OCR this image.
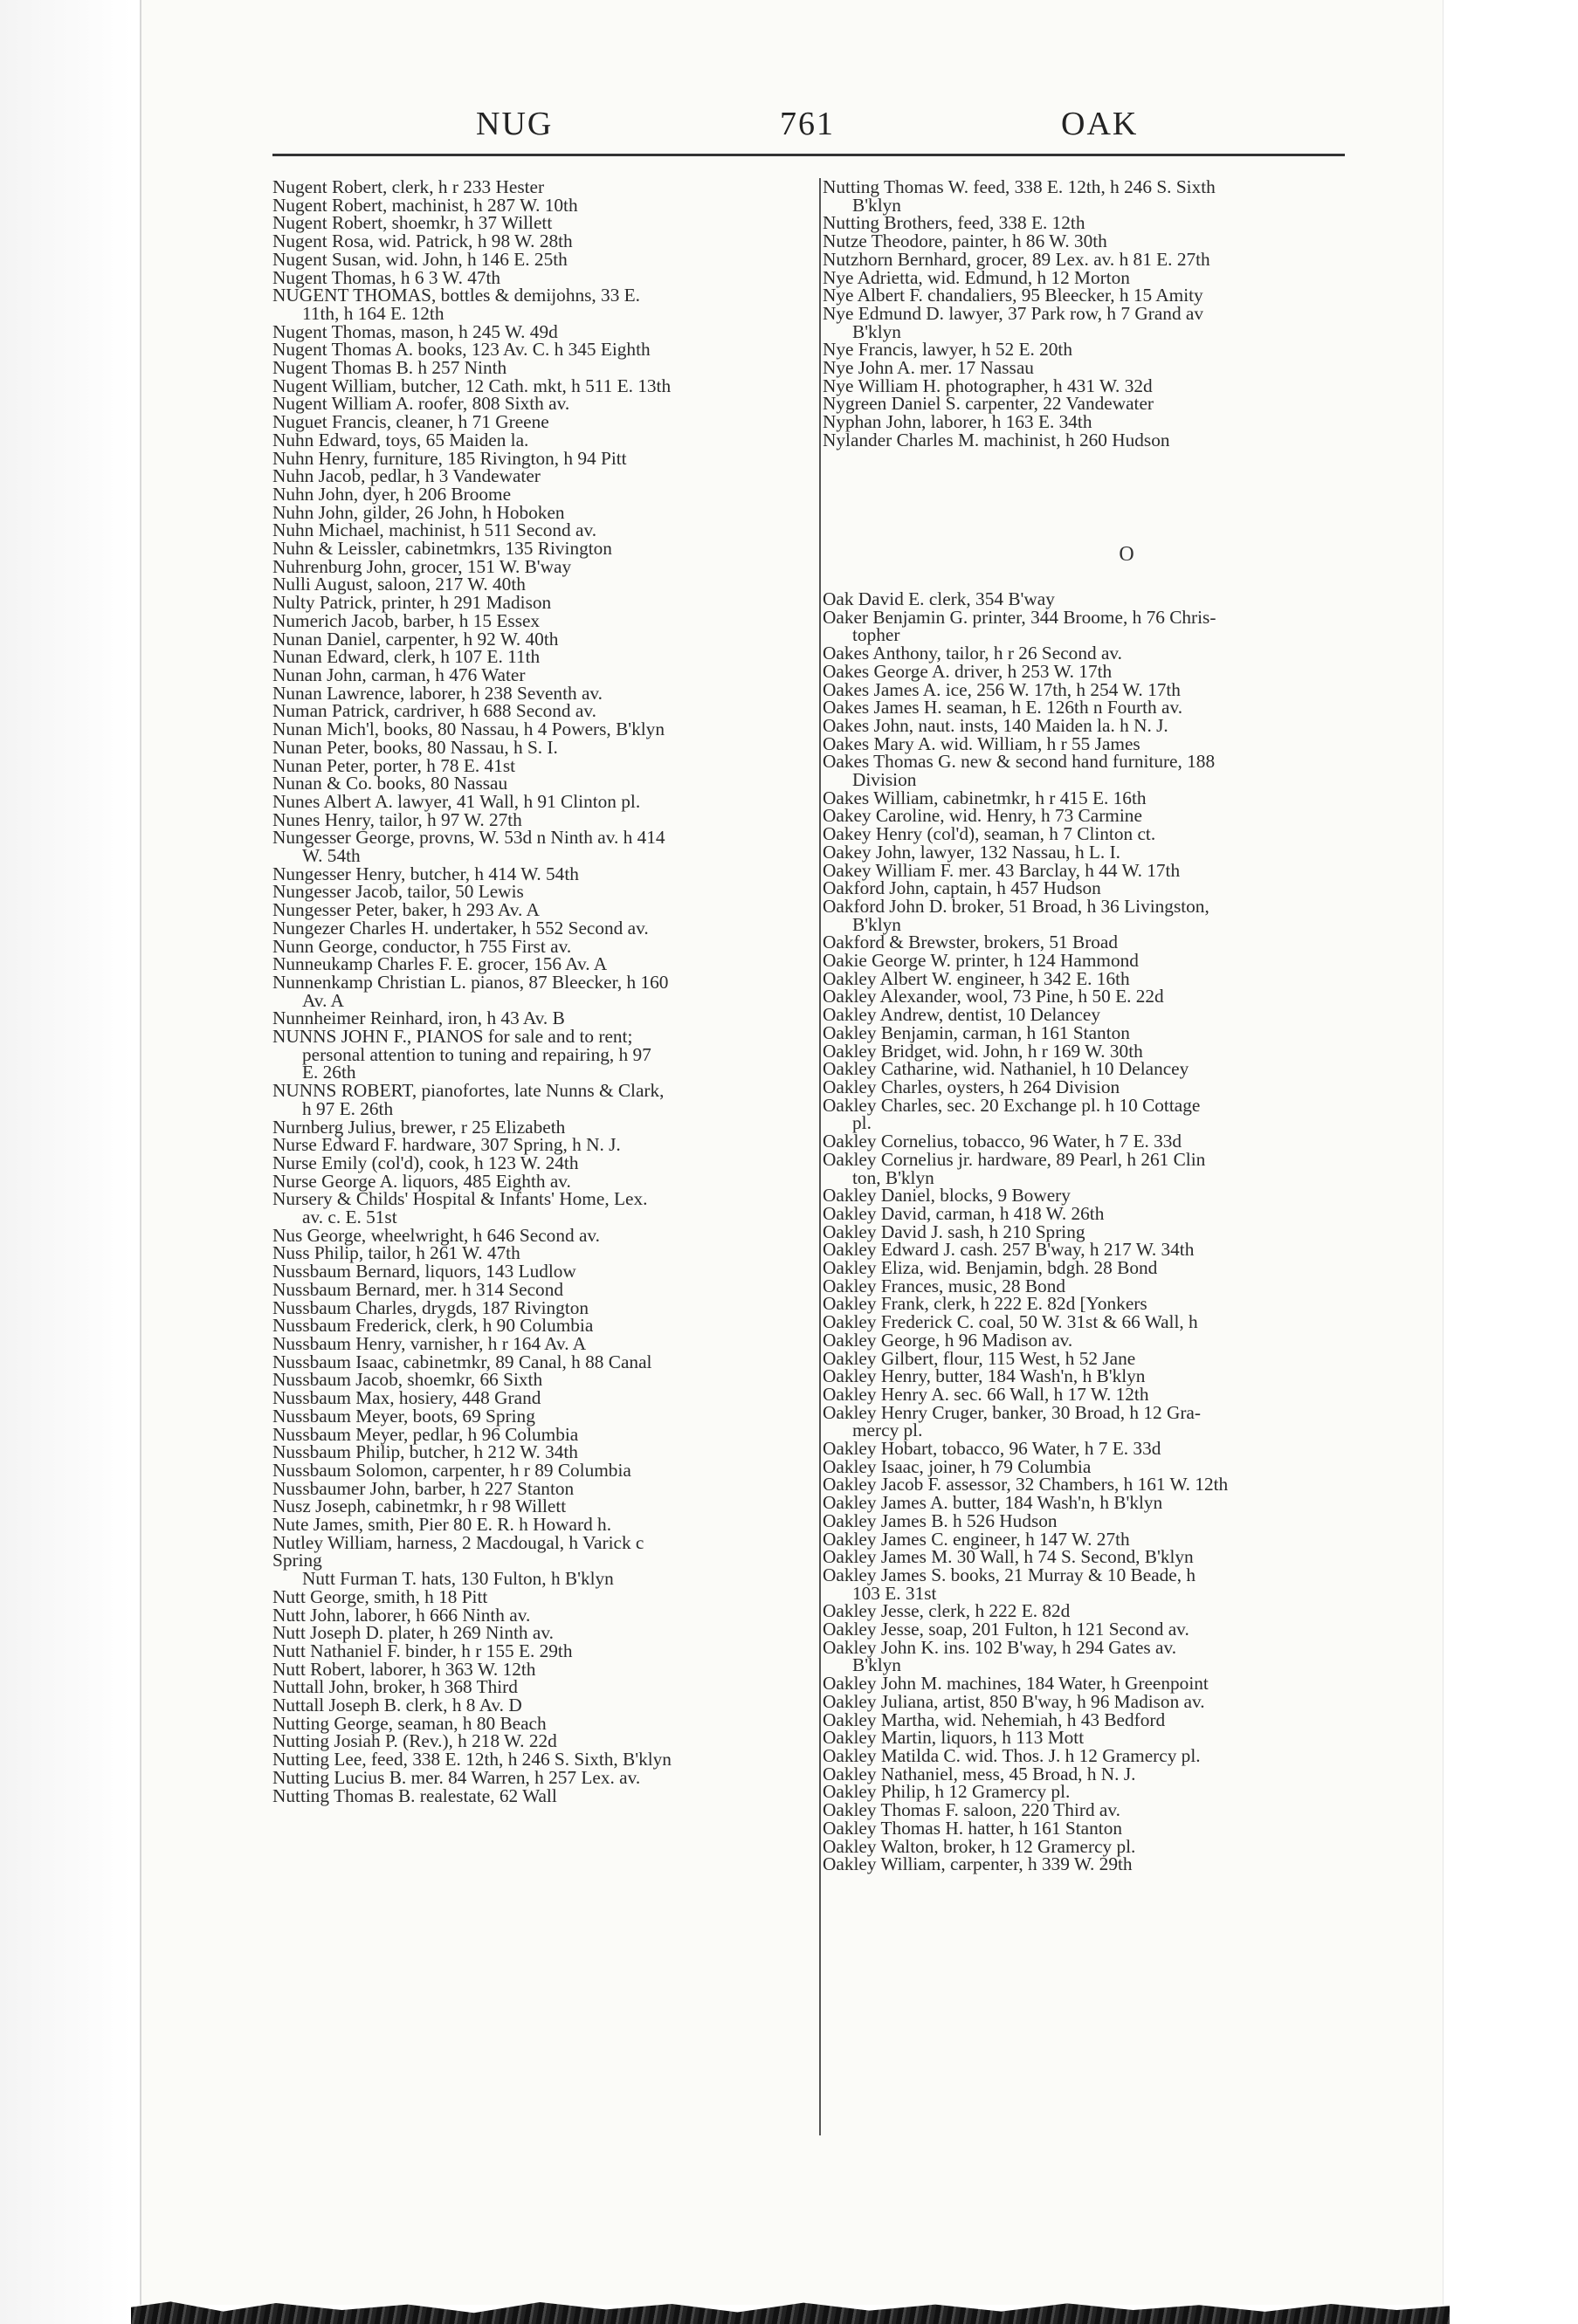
NUG	761	OAK
Nugent Robert, clerk, h r 233 Hester
Nugent Robert, machinist, h 287 W. 10th
Nugent Robert, shoemkr, h 37 Willett
Nugent Rosa, wid. Patrick, h 98 W. 28th
Nugent Susan, wid. John, h 146 E. 25th
Nugent Thomas, h 6 3 W. 47th
NUGENT THOMAS, bottles & demijohns, 33 E.
11th, h 164 E. 12th
Nugent Thomas, mason, h 245 W. 49d
Nugent Thomas A. books, 123 Av. C. h 345 Eighth
Nugent Thomas B. h 257 Ninth
Nugent William, butcher, 12 Cath. mkt, h 511 E. 13th
Nugent William A. roofer, 808 Sixth av.
Nuguet Francis, cleaner, h 71 Greene
Nuhn Edward, toys, 65 Maiden la.
Nuhn Henry, furniture, 185 Rivington, h 94 Pitt
Nuhn Jacob, pedlar, h 3 Vandewater
Nuhn John, dyer, h 206 Broome
Nuhn John, gilder, 26 John, h Hoboken
Nuhn Michael, machinist, h 511 Second av.
Nuhn & Leissler, cabinetmkrs, 135 Rivington
Nuhrenburg John, grocer, 151 W. B'way
Nulli August, saloon, 217 W. 40th
Nulty Patrick, printer, h 291 Madison
Numerich Jacob, barber, h 15 Essex
Nunan Daniel, carpenter, h 92 W. 40th
Nunan Edward, clerk, h 107 E. 11th
Nunan John, carman, h 476 Water
Nunan Lawrence, laborer, h 238 Seventh av.
Numan Patrick, cardriver, h 688 Second av.
Nunan Mich'l, books, 80 Nassau, h 4 Powers, B'klyn
Nunan Peter, books, 80 Nassau, h S. I.
Nunan Peter, porter, h 78 E. 41st
Nunan & Co. books, 80 Nassau
Nunes Albert A. lawyer, 41 Wall, h 91 Clinton pl.
Nunes Henry, tailor, h 97 W. 27th
Nungesser George, provns, W. 53d n Ninth av. h 414
W. 54th
Nungesser Henry, butcher, h 414 W. 54th
Nungesser Jacob, tailor, 50 Lewis
Nungesser Peter, baker, h 293 Av. A
Nungezer Charles H. undertaker, h 552 Second av.
Nunn George, conductor, h 755 First av.
Nunneukamp Charles F. E. grocer, 156 Av. A
Nunnenkamp Christian L. pianos, 87 Bleecker, h 160
Av. A
Nunnheimer Reinhard, iron, h 43 Av. B
NUNNS JOHN F., PIANOS for sale and to rent;
personal attention to tuning and repairing, h 97
E. 26th
NUNNS ROBERT, pianofortes, late Nunns & Clark,
h 97 E. 26th
Nurnberg Julius, brewer, r 25 Elizabeth
Nurse Edward F. hardware, 307 Spring, h N. J.
Nurse Emily (col'd), cook, h 123 W. 24th
Nurse George A. liquors, 485 Eighth av.
Nursery & Childs' Hospital & Infants' Home, Lex.
av. c. E. 51st
Nus George, wheelwright, h 646 Second av.
Nuss Philip, tailor, h 261 W. 47th
Nussbaum Bernard, liquors, 143 Ludlow
Nussbaum Bernard, mer. h 314 Second
Nussbaum Charles, drygds, 187 Rivington
Nussbaum Frederick, clerk, h 90 Columbia
Nussbaum Henry, varnisher, h r 164 Av. A
Nussbaum Isaac, cabinetmkr, 89 Canal, h 88 Canal
Nussbaum Jacob, shoemkr, 66 Sixth
Nussbaum Max, hosiery, 448 Grand
Nussbaum Meyer, boots, 69 Spring
Nussbaum Meyer, pedlar, h 96 Columbia
Nussbaum Philip, butcher, h 212 W. 34th
Nussbaum Solomon, carpenter, h r 89 Columbia
Nussbaumer John, barber, h 227 Stanton
Nusz Joseph, cabinetmkr, h r 98 Willett
Nute James, smith, Pier 80 E. R. h Howard h.
Nutley William, harness, 2 Macdougal, h Varick c
Spring
Nutt Furman T. hats, 130 Fulton, h B'klyn
Nutt George, smith, h 18 Pitt
Nutt John, laborer, h 666 Ninth av.
Nutt Joseph D. plater, h 269 Ninth av.
Nutt Nathaniel F. binder, h r 155 E. 29th
Nutt Robert, laborer, h 363 W. 12th
Nuttall John, broker, h 368 Third
Nuttall Joseph B. clerk, h 8 Av. D
Nutting George, seaman, h 80 Beach
Nutting Josiah P. (Rev.), h 218 W. 22d
Nutting Lee, feed, 338 E. 12th, h 246 S. Sixth, B'klyn
Nutting Lucius B. mer. 84 Warren, h 257 Lex. av.
Nutting Thomas B. realestate, 62 Wall
Nutting Thomas W. feed, 338 E. 12th, h 246 S. Sixth
B'klyn
Nutting Brothers, feed, 338 E. 12th
Nutze Theodore, painter, h 86 W. 30th
Nutzhorn Bernhard, grocer, 89 Lex. av. h 81 E. 27th
Nye Adrietta, wid. Edmund, h 12 Morton
Nye Albert F. chandaliers, 95 Bleecker, h 15 Amity
Nye Edmund D. lawyer, 37 Park row, h 7 Grand av
B'klyn
Nye Francis, lawyer, h 52 E. 20th
Nye John A. mer. 17 Nassau
Nye William H. photographer, h 431 W. 32d
Nygreen Daniel S. carpenter, 22 Vandewater
Nyphan John, laborer, h 163 E. 34th
Nylander Charles M. machinist, h 260 Hudson
O
Oak David E. clerk, 354 B'way
Oaker Benjamin G. printer, 344 Broome, h 76 Chris-
topher
Oakes Anthony, tailor, h r 26 Second av.
Oakes George A. driver, h 253 W. 17th
Oakes James A. ice, 256 W. 17th, h 254 W. 17th
Oakes James H. seaman, h E. 126th n Fourth av.
Oakes John, naut. insts, 140 Maiden la. h N. J.
Oakes Mary A. wid. William, h r 55 James
Oakes Thomas G. new & second hand furniture, 188
Division
Oakes William, cabinetmkr, h r 415 E. 16th
Oakey Caroline, wid. Henry, h 73 Carmine
Oakey Henry (col'd), seaman, h 7 Clinton ct.
Oakey John, lawyer, 132 Nassau, h L. I.
Oakey William F. mer. 43 Barclay, h 44 W. 17th
Oakford John, captain, h 457 Hudson
Oakford John D. broker, 51 Broad, h 36 Livingston,
B'klyn
Oakford & Brewster, brokers, 51 Broad
Oakie George W. printer, h 124 Hammond
Oakley Albert W. engineer, h 342 E. 16th
Oakley Alexander, wool, 73 Pine, h 50 E. 22d
Oakley Andrew, dentist, 10 Delancey
Oakley Benjamin, carman, h 161 Stanton
Oakley Bridget, wid. John, h r 169 W. 30th
Oakley Catharine, wid. Nathaniel, h 10 Delancey
Oakley Charles, oysters, h 264 Division
Oakley Charles, sec. 20 Exchange pl. h 10 Cottage
pl.
Oakley Cornelius, tobacco, 96 Water, h 7 E. 33d
Oakley Cornelius jr. hardware, 89 Pearl, h 261 Clin
ton, B'klyn
Oakley Daniel, blocks, 9 Bowery
Oakley David, carman, h 418 W. 26th
Oakley David J. sash, h 210 Spring
Oakley Edward J. cash. 257 B'way, h 217 W. 34th
Oakley Eliza, wid. Benjamin, bdgh. 28 Bond
Oakley Frances, music, 28 Bond
Oakley Frank, clerk, h 222 E. 82d [Yonkers
Oakley Frederick C. coal, 50 W. 31st & 66 Wall, h
Oakley George, h 96 Madison av.
Oakley Gilbert, flour, 115 West, h 52 Jane
Oakley Henry, butter, 184 Wash'n, h B'klyn
Oakley Henry A. sec. 66 Wall, h 17 W. 12th
Oakley Henry Cruger, banker, 30 Broad, h 12 Gra-
mercy pl.
Oakley Hobart, tobacco, 96 Water, h 7 E. 33d
Oakley Isaac, joiner, h 79 Columbia
Oakley Jacob F. assessor, 32 Chambers, h 161 W. 12th
Oakley James A. butter, 184 Wash'n, h B'klyn
Oakley James B. h 526 Hudson
Oakley James C. engineer, h 147 W. 27th
Oakley James M. 30 Wall, h 74 S. Second, B'klyn
Oakley James S. books, 21 Murray & 10 Beade, h
103 E. 31st
Oakley Jesse, clerk, h 222 E. 82d
Oakley Jesse, soap, 201 Fulton, h 121 Second av.
Oakley John K. ins. 102 B'way, h 294 Gates av.
B'klyn
Oakley John M. machines, 184 Water, h Greenpoint
Oakley Juliana, artist, 850 B'way, h 96 Madison av.
Oakley Martha, wid. Nehemiah, h 43 Bedford
Oakley Martin, liquors, h 113 Mott
Oakley Matilda C. wid. Thos. J. h 12 Gramercy pl.
Oakley Nathaniel, mess, 45 Broad, h N. J.
Oakley Philip, h 12 Gramercy pl.
Oakley Thomas F. saloon, 220 Third av.
Oakley Thomas H. hatter, h 161 Stanton
Oakley Walton, broker, h 12 Gramercy pl.
Oakley William, carpenter, h 339 W. 29th
